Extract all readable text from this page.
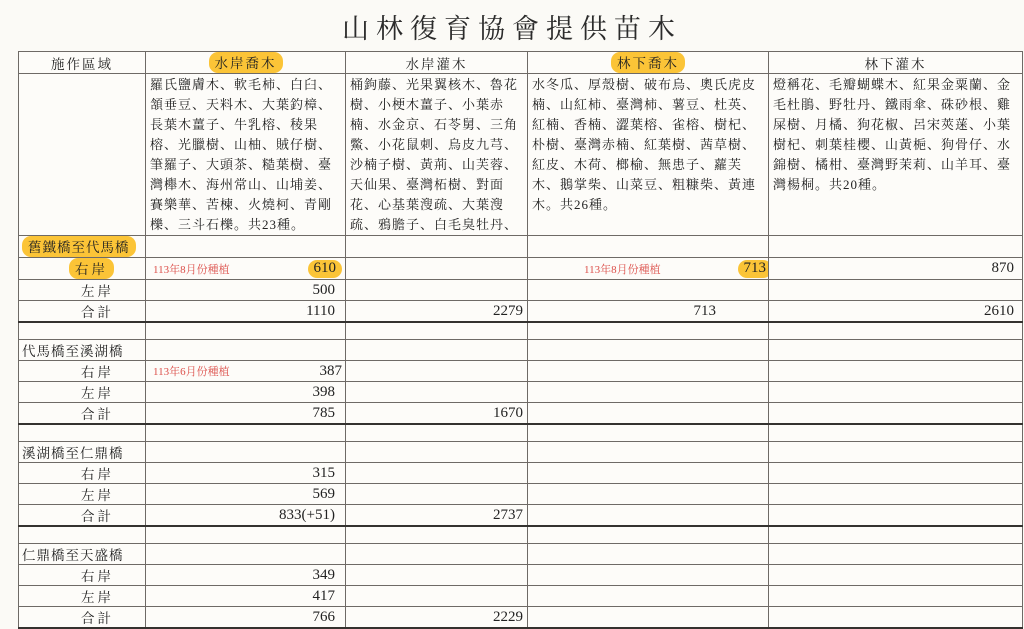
山林復育協會提供苗木
施作區域	水岸喬木	水岸灌木	林下喬木	林下灌木
	羅氏鹽膚木、軟毛柿、白臼、頷垂豆、天料木、大葉釣樟、長葉木薑子、牛乳榕、稜果榕、光臘樹、山柚、賊仔樹、筆羅子、大頭茶、糙葉樹、臺灣櫸木、海州常山、山埔姜、賽樂華、苦楝、火燒柯、青剛櫟、三斗石櫟。共23種。	桶鉤藤、光果翼核木、魯花樹、小梗木薑子、小葉赤楠、水金京、石苓舅、三角鱉、小花鼠刺、烏皮九芎、沙楠子樹、黃荊、山芙蓉、天仙果、臺灣柘樹、對面花、心基葉溲疏、大葉溲疏、鴉膽子、白毛臭牡丹、	水冬瓜、厚殼樹、破布烏、奧氏虎皮楠、山紅柿、臺灣柿、薯豆、杜英、紅楠、香楠、澀葉榕、雀榕、樹杞、朴樹、臺灣赤楠、紅葉樹、茜草樹、紅皮、木荷、榔榆、無患子、蘿芙木、鵝掌柴、山菜豆、粗糠柴、黃連木。共26種。	燈稱花、毛瓣蝴蝶木、紅果金粟蘭、金毛杜鵑、野牡丹、鐵雨傘、硃砂根、雞屎樹、月橘、狗花椒、呂宋莢蒾、小葉樹杞、刺葉桂櫻、山黃梔、狗骨仔、水錦樹、橘柑、臺灣野茉莉、山羊耳、臺灣楊桐。共20種。
舊鐵橋至代馬橋				
右岸	113年8月份種植 610		113年8月份種植 713	870
左岸	500			
合計	1110	2279	713	2610

代馬橋至溪湖橋				
右岸	113年6月份種植 387			

左岸	398			
合計	785	1670		

溪湖橋至仁鼎橋				
右岸	315			
左岸	569			
合計	833(+51)	2737		

仁鼎橋至天盛橋				
右岸	349			
左岸	417			
合計	766	2229		
